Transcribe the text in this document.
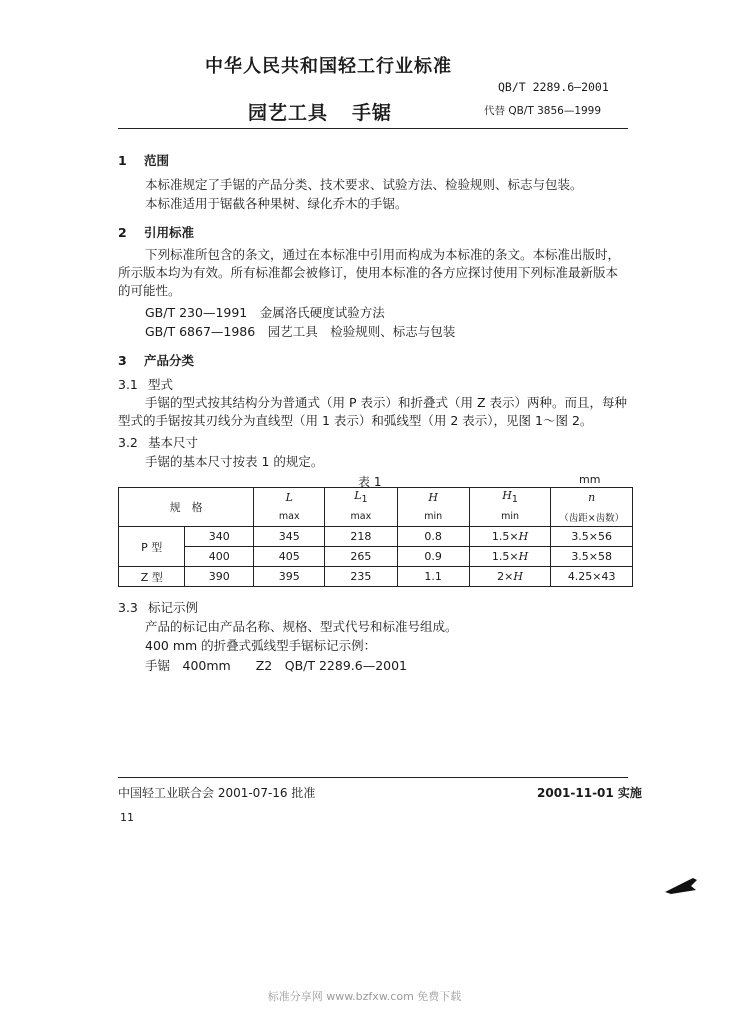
中华人民共和国轻工行业标准
QB/T 2289.6—2001
园艺工具 手锯	代替 QB/T 3856—1999
1 范围
本标准规定了手锯的产品分类、技术要求、试验方法、检验规则、标志与包装。
本标准适用于锯截各种果树、绿化乔木的手锯。
2 引用标准
下列标准所包含的条文，通过在本标准中引用而构成为本标准的条文。本标准出版时，所示版本均为有效。所有标准都会被修订，使用本标准的各方应探讨使用下列标准最新版本的可能性。
GB/T 230—1991　金属洛氏硬度试验方法
GB/T 6867—1986　园艺工具　检验规则、标志与包装
3 产品分类
3.1 型式
手锯的型式按其结构分为普通式（用 P 表示）和折叠式（用 Z 表示）两种。而且，每种型式的手锯按其刃线分为直线型（用 1 表示）和弧线型（用 2 表示），见图 1～图 2。
3.2 基本尺寸
手锯的基本尺寸按表 1 的规定。
表 1	mm
规　格		L	$L_1$	H	$H_1$	n
		max	max	min	min	（齿距×齿数）
P 型	340	345	218	0.8	1.5×H	3.5×56
	400	405	265	0.9	1.5×H	3.5×58
Z 型	390	395	235	1.1	2×H	4.25×43
3.3 标记示例
产品的标记由产品名称、规格、型式代号和标准号组成。
400 mm 的折叠式弧线型手锯标记示例：
手锯　400mm　　Z2　QB/T 2289.6—2001
中国轻工业联合会 2001-07-16 批准	2001-11-01 实施
11
标准分享网 www.bzfxw.com 免费下载
